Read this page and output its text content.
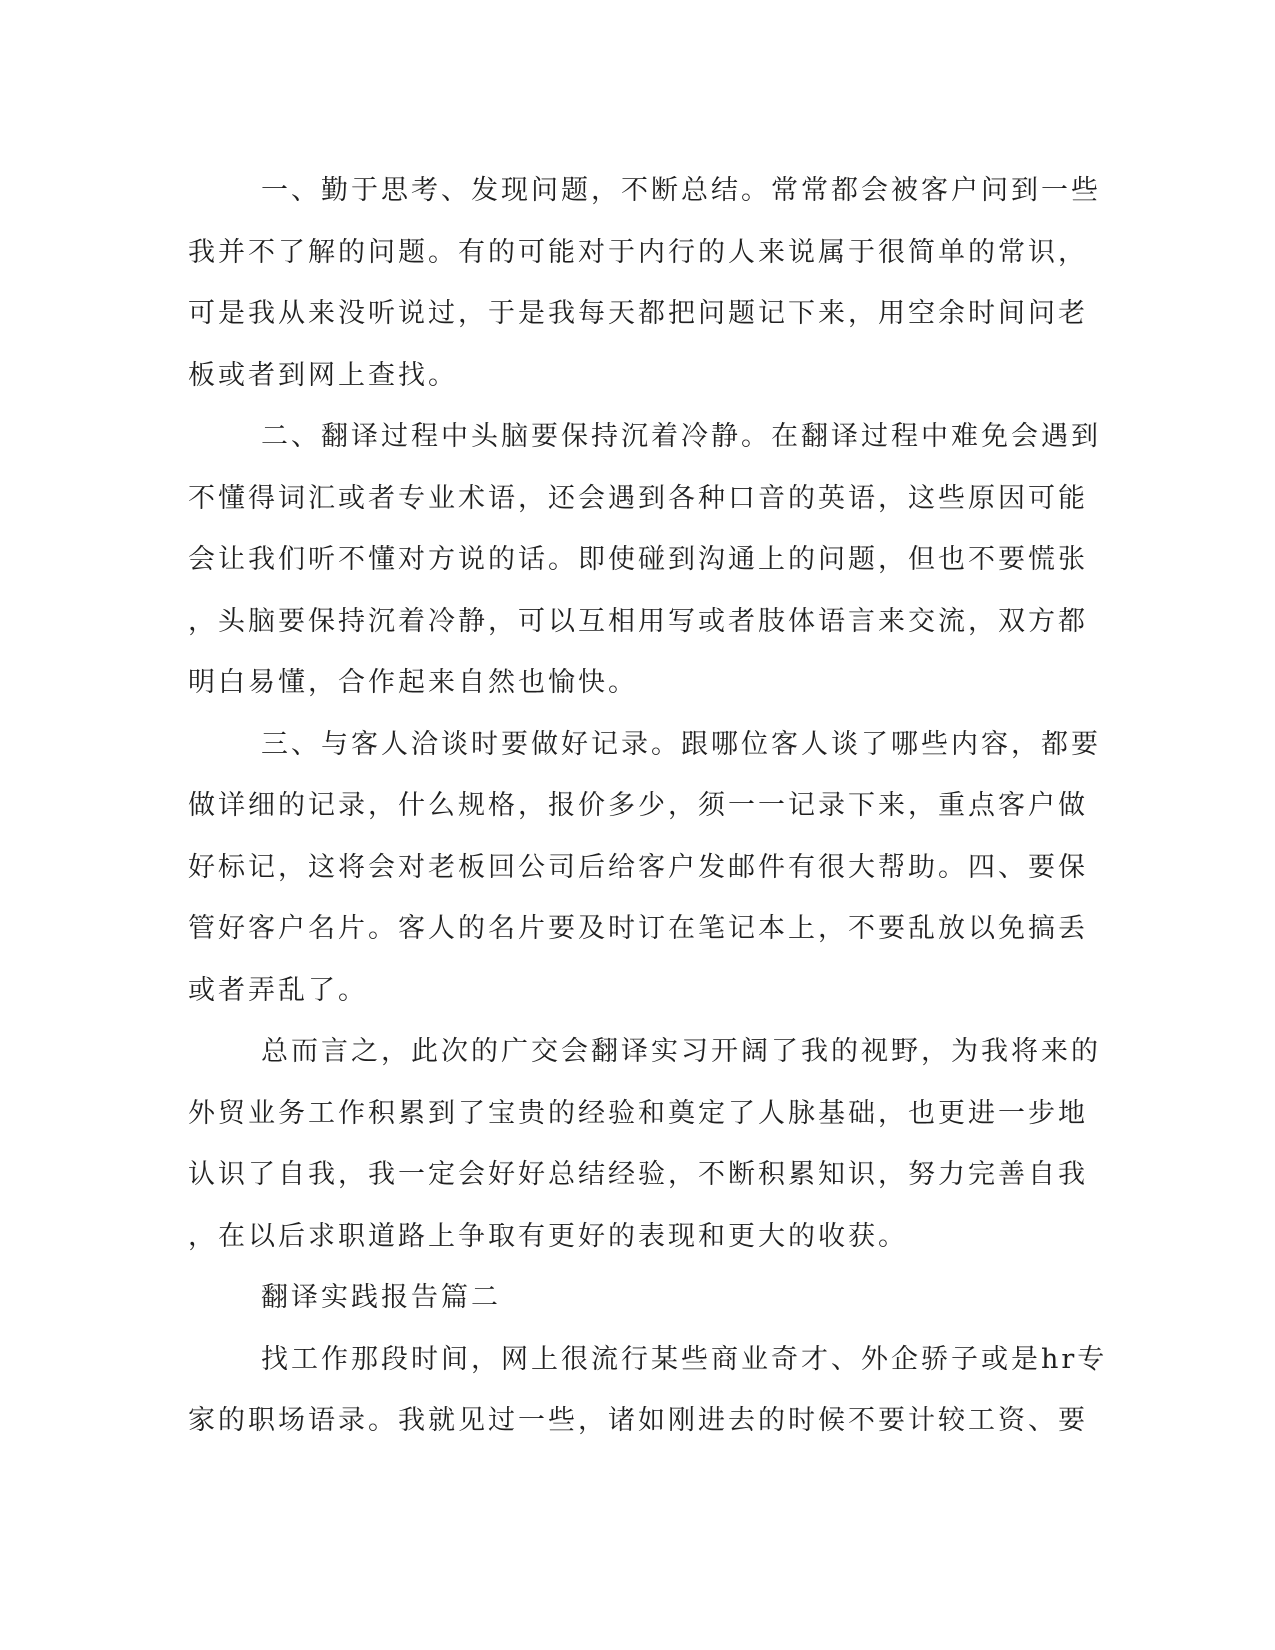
一、勤于思考、发现问题，不断总结。常常都会被客户问到一些
我并不了解的问题。有的可能对于内行的人来说属于很简单的常识，
可是我从来没听说过，于是我每天都把问题记下来，用空余时间问老
板或者到网上查找。
二、翻译过程中头脑要保持沉着冷静。在翻译过程中难免会遇到
不懂得词汇或者专业术语，还会遇到各种口音的英语，这些原因可能
会让我们听不懂对方说的话。即使碰到沟通上的问题，但也不要慌张
，头脑要保持沉着冷静，可以互相用写或者肢体语言来交流，双方都
明白易懂，合作起来自然也愉快。
三、与客人洽谈时要做好记录。跟哪位客人谈了哪些内容，都要
做详细的记录，什么规格，报价多少，须一一记录下来，重点客户做
好标记，这将会对老板回公司后给客户发邮件有很大帮助。四、要保
管好客户名片。客人的名片要及时订在笔记本上，不要乱放以免搞丢
或者弄乱了。
总而言之，此次的广交会翻译实习开阔了我的视野，为我将来的
外贸业务工作积累到了宝贵的经验和奠定了人脉基础，也更进一步地
认识了自我，我一定会好好总结经验，不断积累知识，努力完善自我
，在以后求职道路上争取有更好的表现和更大的收获。
翻译实践报告篇二
找工作那段时间，网上很流行某些商业奇才、外企骄子或是hr专
家的职场语录。我就见过一些，诸如刚进去的时候不要计较工资、要
